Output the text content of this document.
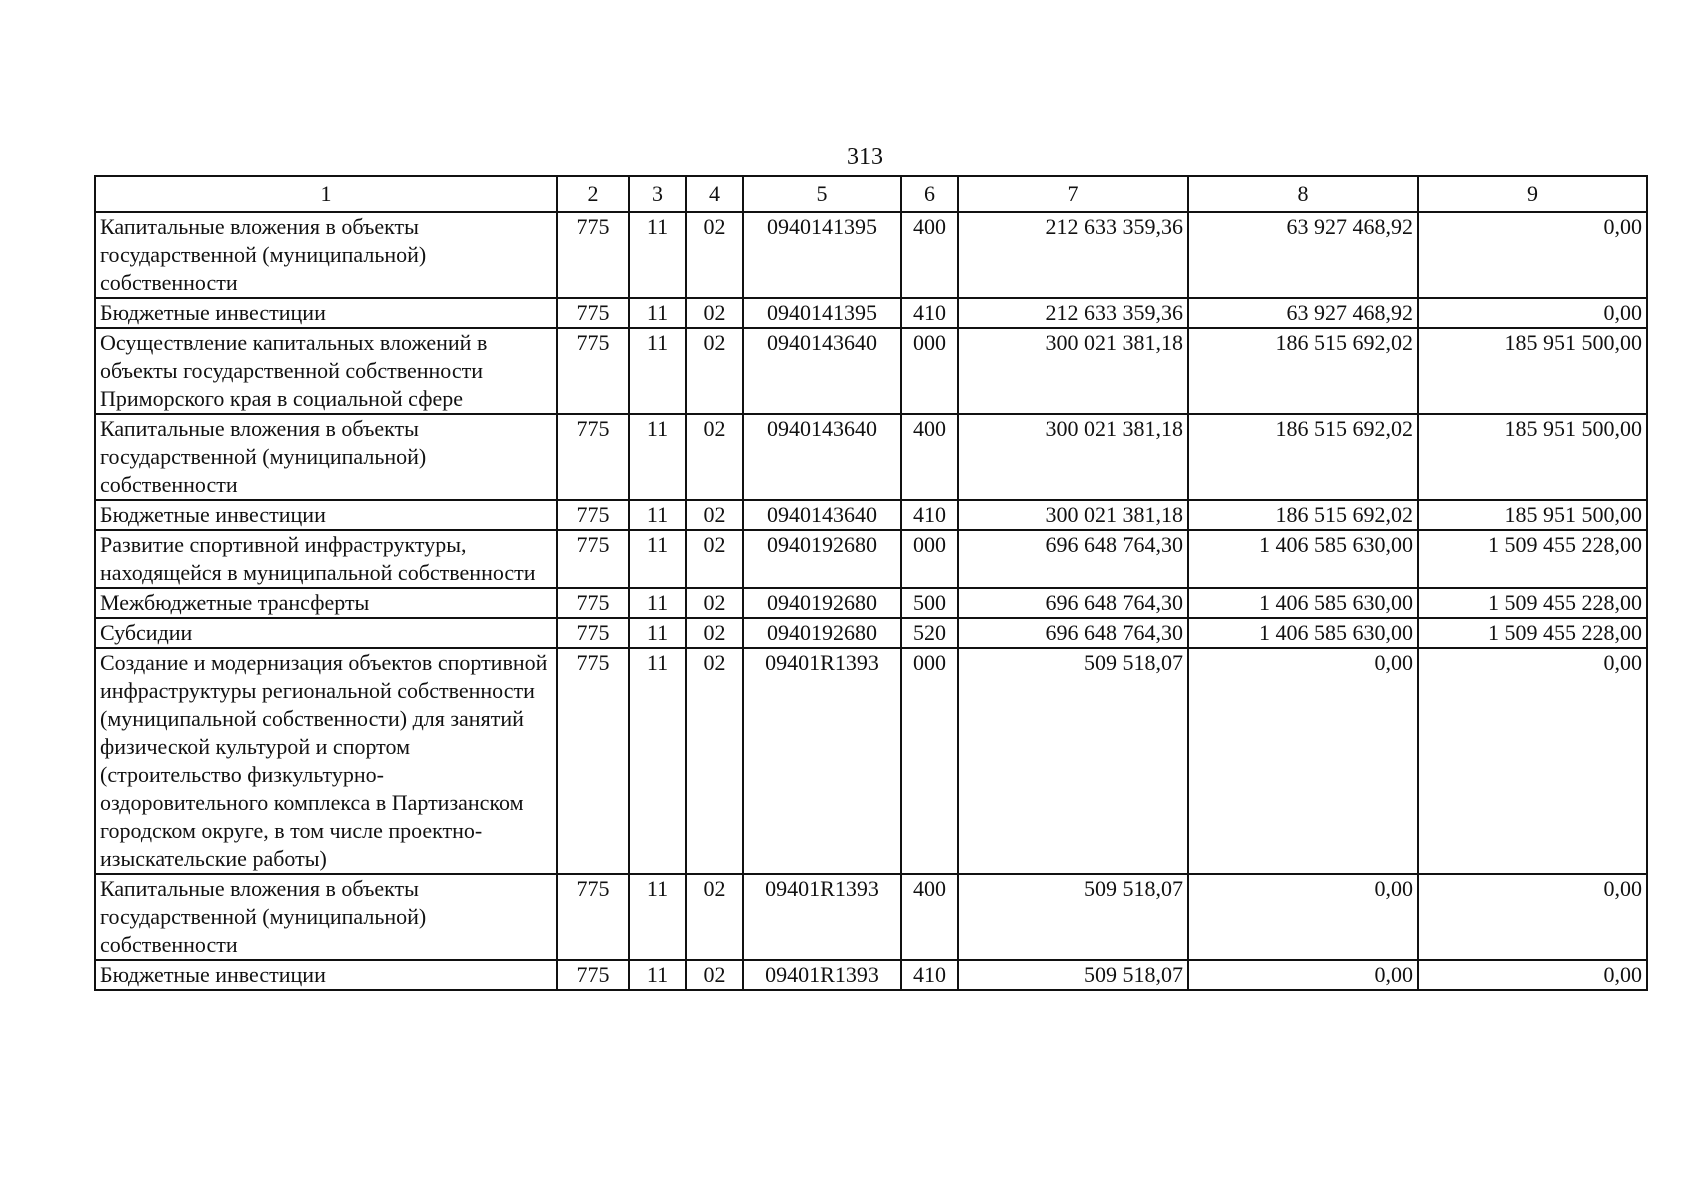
313
1	2	3	4	5	6	7	8	9
Капитальные вложения в объекты государственной (муниципальной) собственности	775	11	02	0940141395	400	212 633 359,36	63 927 468,92	0,00
Бюджетные инвестиции	775	11	02	0940141395	410	212 633 359,36	63 927 468,92	0,00
Осуществление капитальных вложений в объекты государственной собственности Приморского края в социальной сфере	775	11	02	0940143640	000	300 021 381,18	186 515 692,02	185 951 500,00
Капитальные вложения в объекты государственной (муниципальной) собственности	775	11	02	0940143640	400	300 021 381,18	186 515 692,02	185 951 500,00
Бюджетные инвестиции	775	11	02	0940143640	410	300 021 381,18	186 515 692,02	185 951 500,00
Развитие спортивной инфраструктуры, находящейся в муниципальной собственности	775	11	02	0940192680	000	696 648 764,30	1 406 585 630,00	1 509 455 228,00
Межбюджетные трансферты	775	11	02	0940192680	500	696 648 764,30	1 406 585 630,00	1 509 455 228,00
Субсидии	775	11	02	0940192680	520	696 648 764,30	1 406 585 630,00	1 509 455 228,00
Создание и модернизация объектов спортивной инфраструктуры региональной собственности (муниципальной собственности) для занятий физической культурой и спортом (строительство физкультурно-оздоровительного комплекса в Партизанском городском округе, в том числе проектно-изыскательские работы)	775	11	02	09401R1393	000	509 518,07	0,00	0,00
Капитальные вложения в объекты государственной (муниципальной) собственности	775	11	02	09401R1393	400	509 518,07	0,00	0,00
Бюджетные инвестиции	775	11	02	09401R1393	410	509 518,07	0,00	0,00
